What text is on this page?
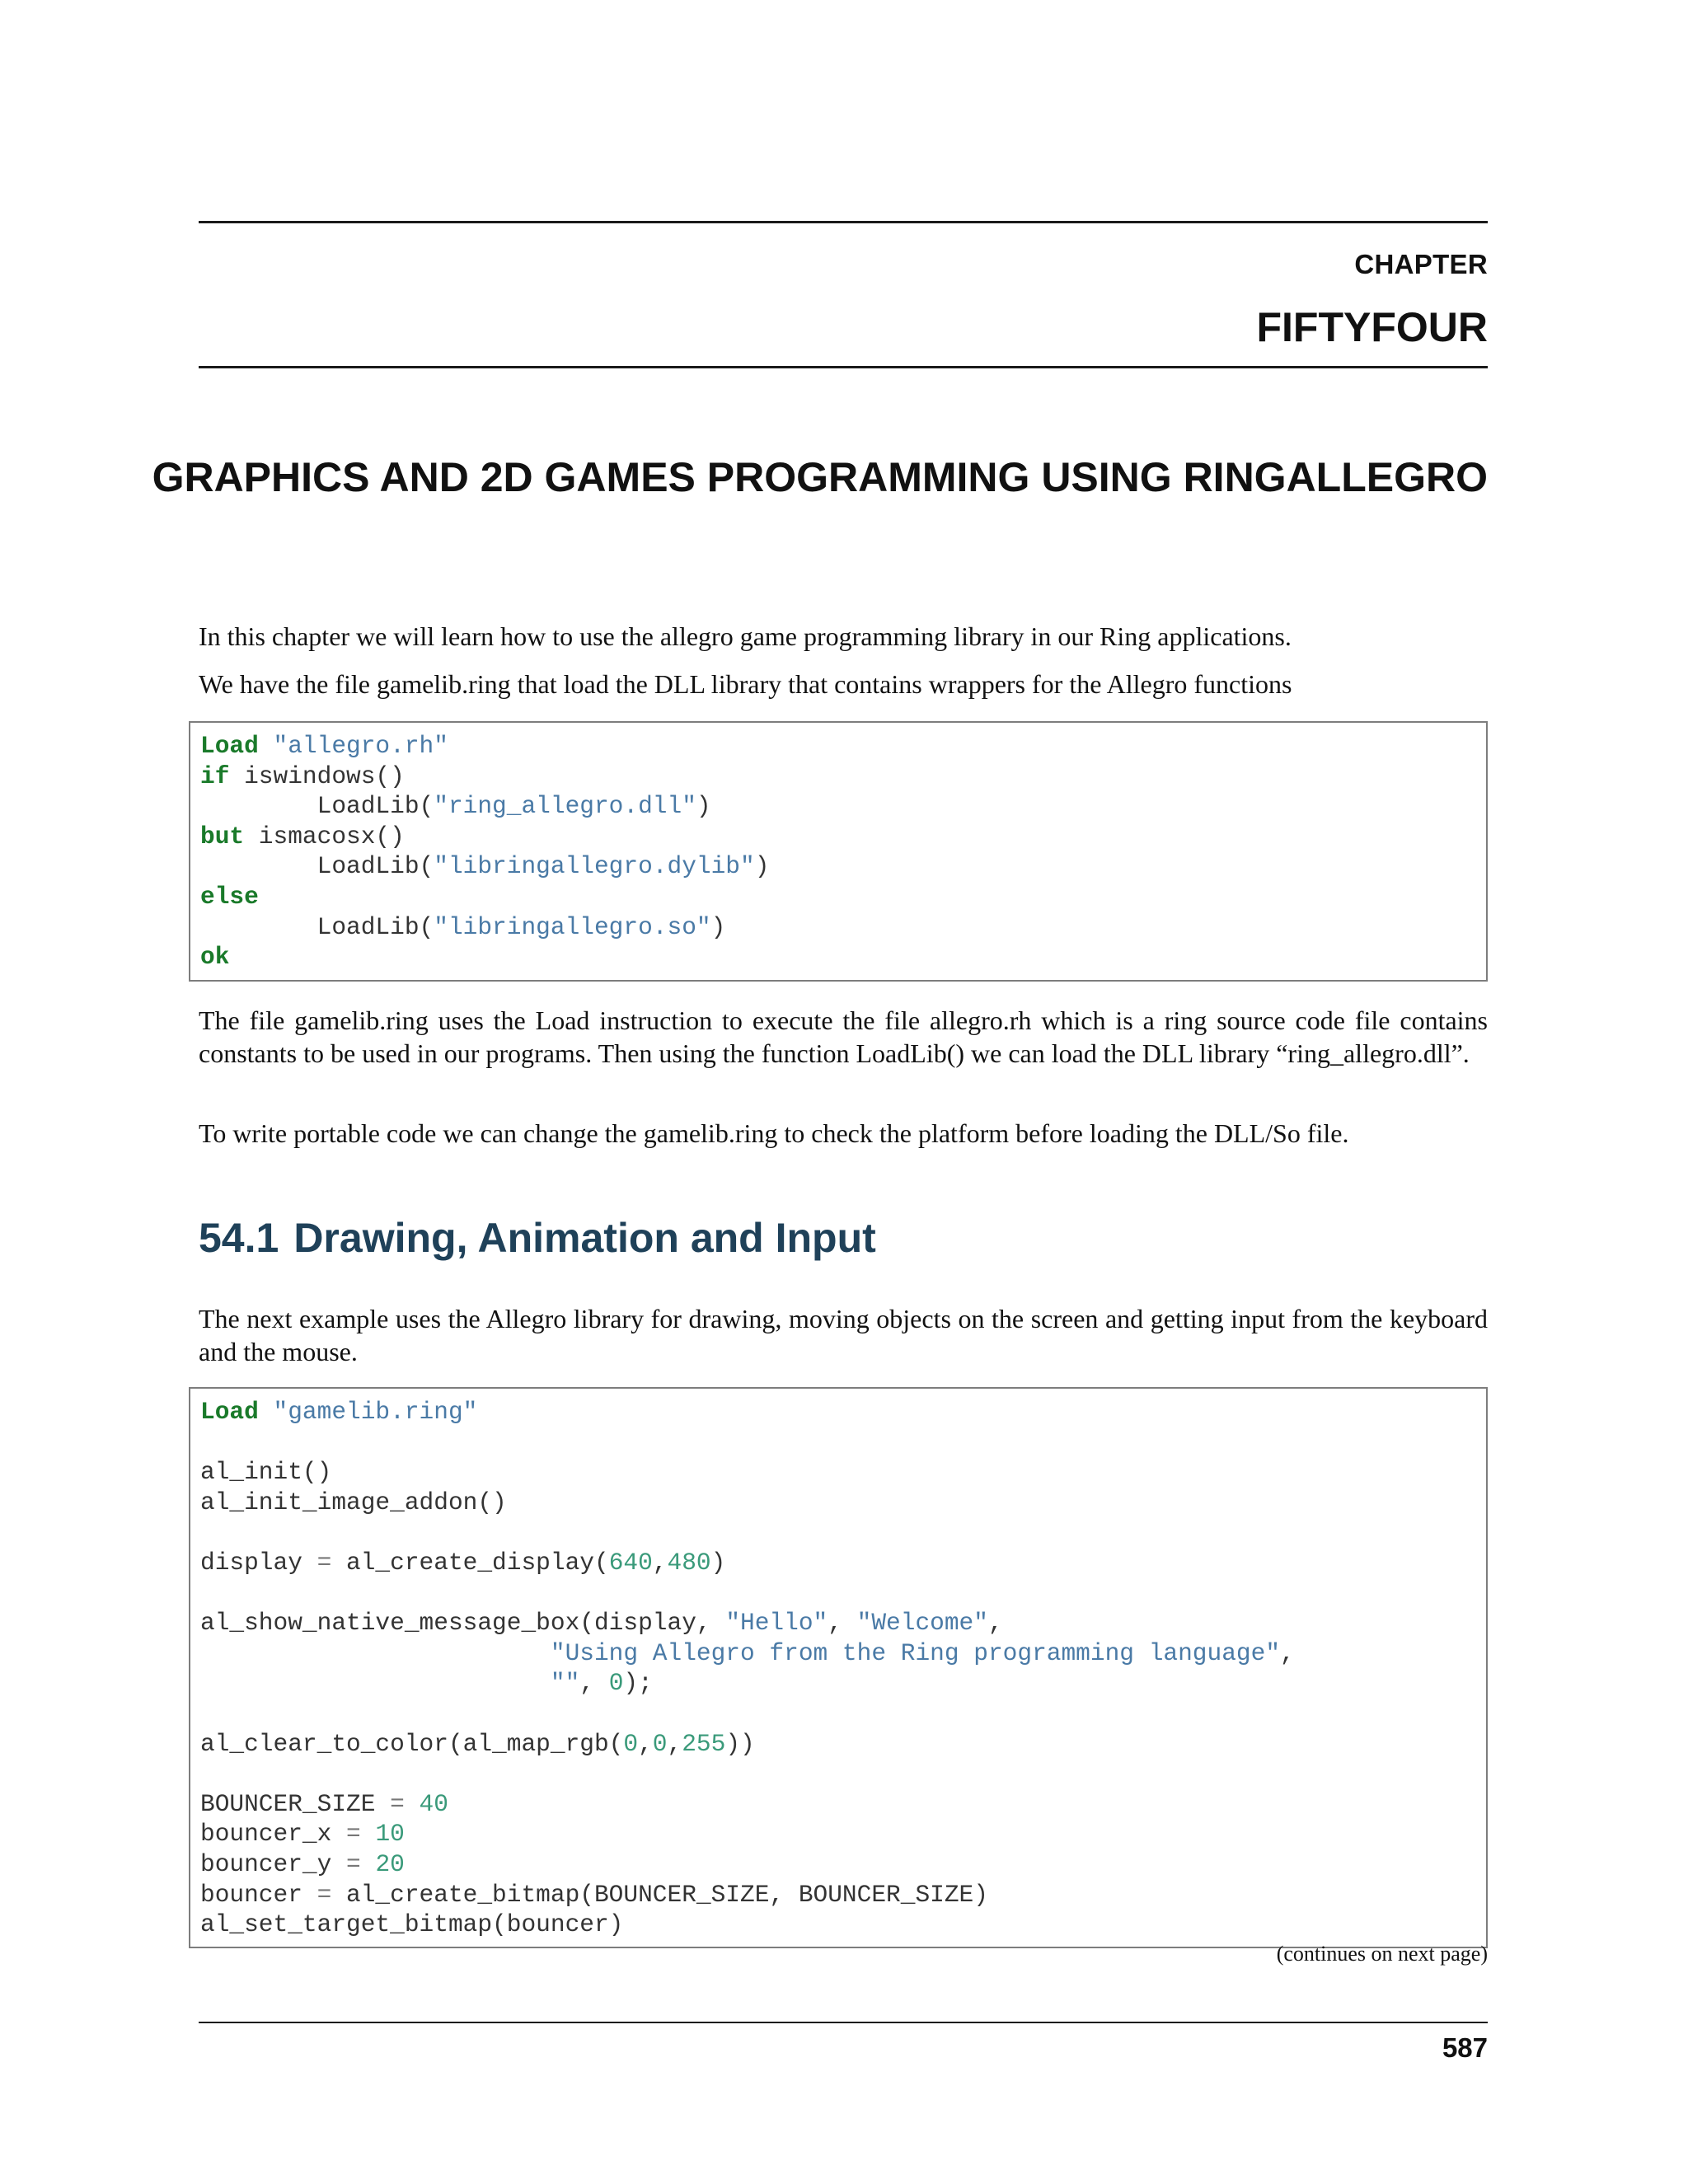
CHAPTER
FIFTYFOUR
GRAPHICS AND 2D GAMES PROGRAMMING USING RINGALLEGRO

In this chapter we will learn how to use the allegro game programming library in our Ring applications.

We have the file gamelib.ring that load the DLL library that contains wrappers for the Allegro functions

Load "allegro.rh"
if iswindows()
LoadLib("ring_allegro.dll")
but ismacosx()
LoadLib("libringallegro.dylib")
else
LoadLib("libringallegro.so")
ok

The file gamelib.ring uses the Load instruction to execute the file allegro.rh which is a ring source code file contains constants to be used in our programs. Then using the function LoadLib() we can load the DLL library “ring_allegro.dll”.

To write portable code we can change the gamelib.ring to check the platform before loading the DLL/So file.

54.1 Drawing, Animation and Input

The next example uses the Allegro library for drawing, moving objects on the screen and getting input from the keyboard and the mouse.

Load "gamelib.ring"
al_init()
al_init_image_addon()
display = al_create_display(640,480)
al_show_native_message_box(display, "Hello", "Welcome",
"Using Allegro from the Ring programming language",
"", 0);
al_clear_to_color(al_map_rgb(0,0,255))
BOUNCER_SIZE = 40
bouncer_x = 10
bouncer_y = 20
bouncer = al_create_bitmap(BOUNCER_SIZE, BOUNCER_SIZE)
al_set_target_bitmap(bouncer)
(continues on next page)
587
